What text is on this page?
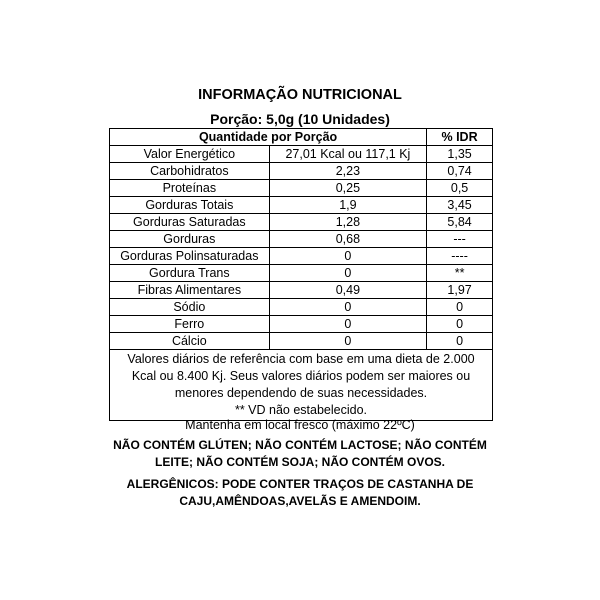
INFORMAÇÃO NUTRICIONAL
Porção: 5,0g (10 Unidades)
Quantidade por Porção		% IDR
Valor Energético	27,01 Kcal ou 117,1 Kj	1,35
Carbohidratos	2,23	0,74
Proteínas	0,25	0,5
Gorduras Totais	1,9	3,45
Gorduras Saturadas	1,28	5,84
Gorduras	0,68	---
Gorduras Polinsaturadas	0	----
Gordura Trans	0	**
Fibras Alimentares	0,49	1,97
Sódio	0	0
Ferro	0	0
Cálcio	0	0

Valores diários de referência com base em uma dieta de 2.000
Kcal ou 8.400 Kj. Seus valores diários podem ser maiores ou
menores dependendo de suas necessidades.
** VD não estabelecido.		
Mantenha em local fresco (máximo 22ºC)
NÃO CONTÉM GLÚTEN; NÃO CONTÉM LACTOSE; NÃO CONTÉM
LEITE; NÃO CONTÉM SOJA; NÃO CONTÉM OVOS.
ALERGÊNICOS: PODE CONTER TRAÇOS DE CASTANHA DE
CAJU,AMÊNDOAS,AVELÃS E AMENDOIM.
